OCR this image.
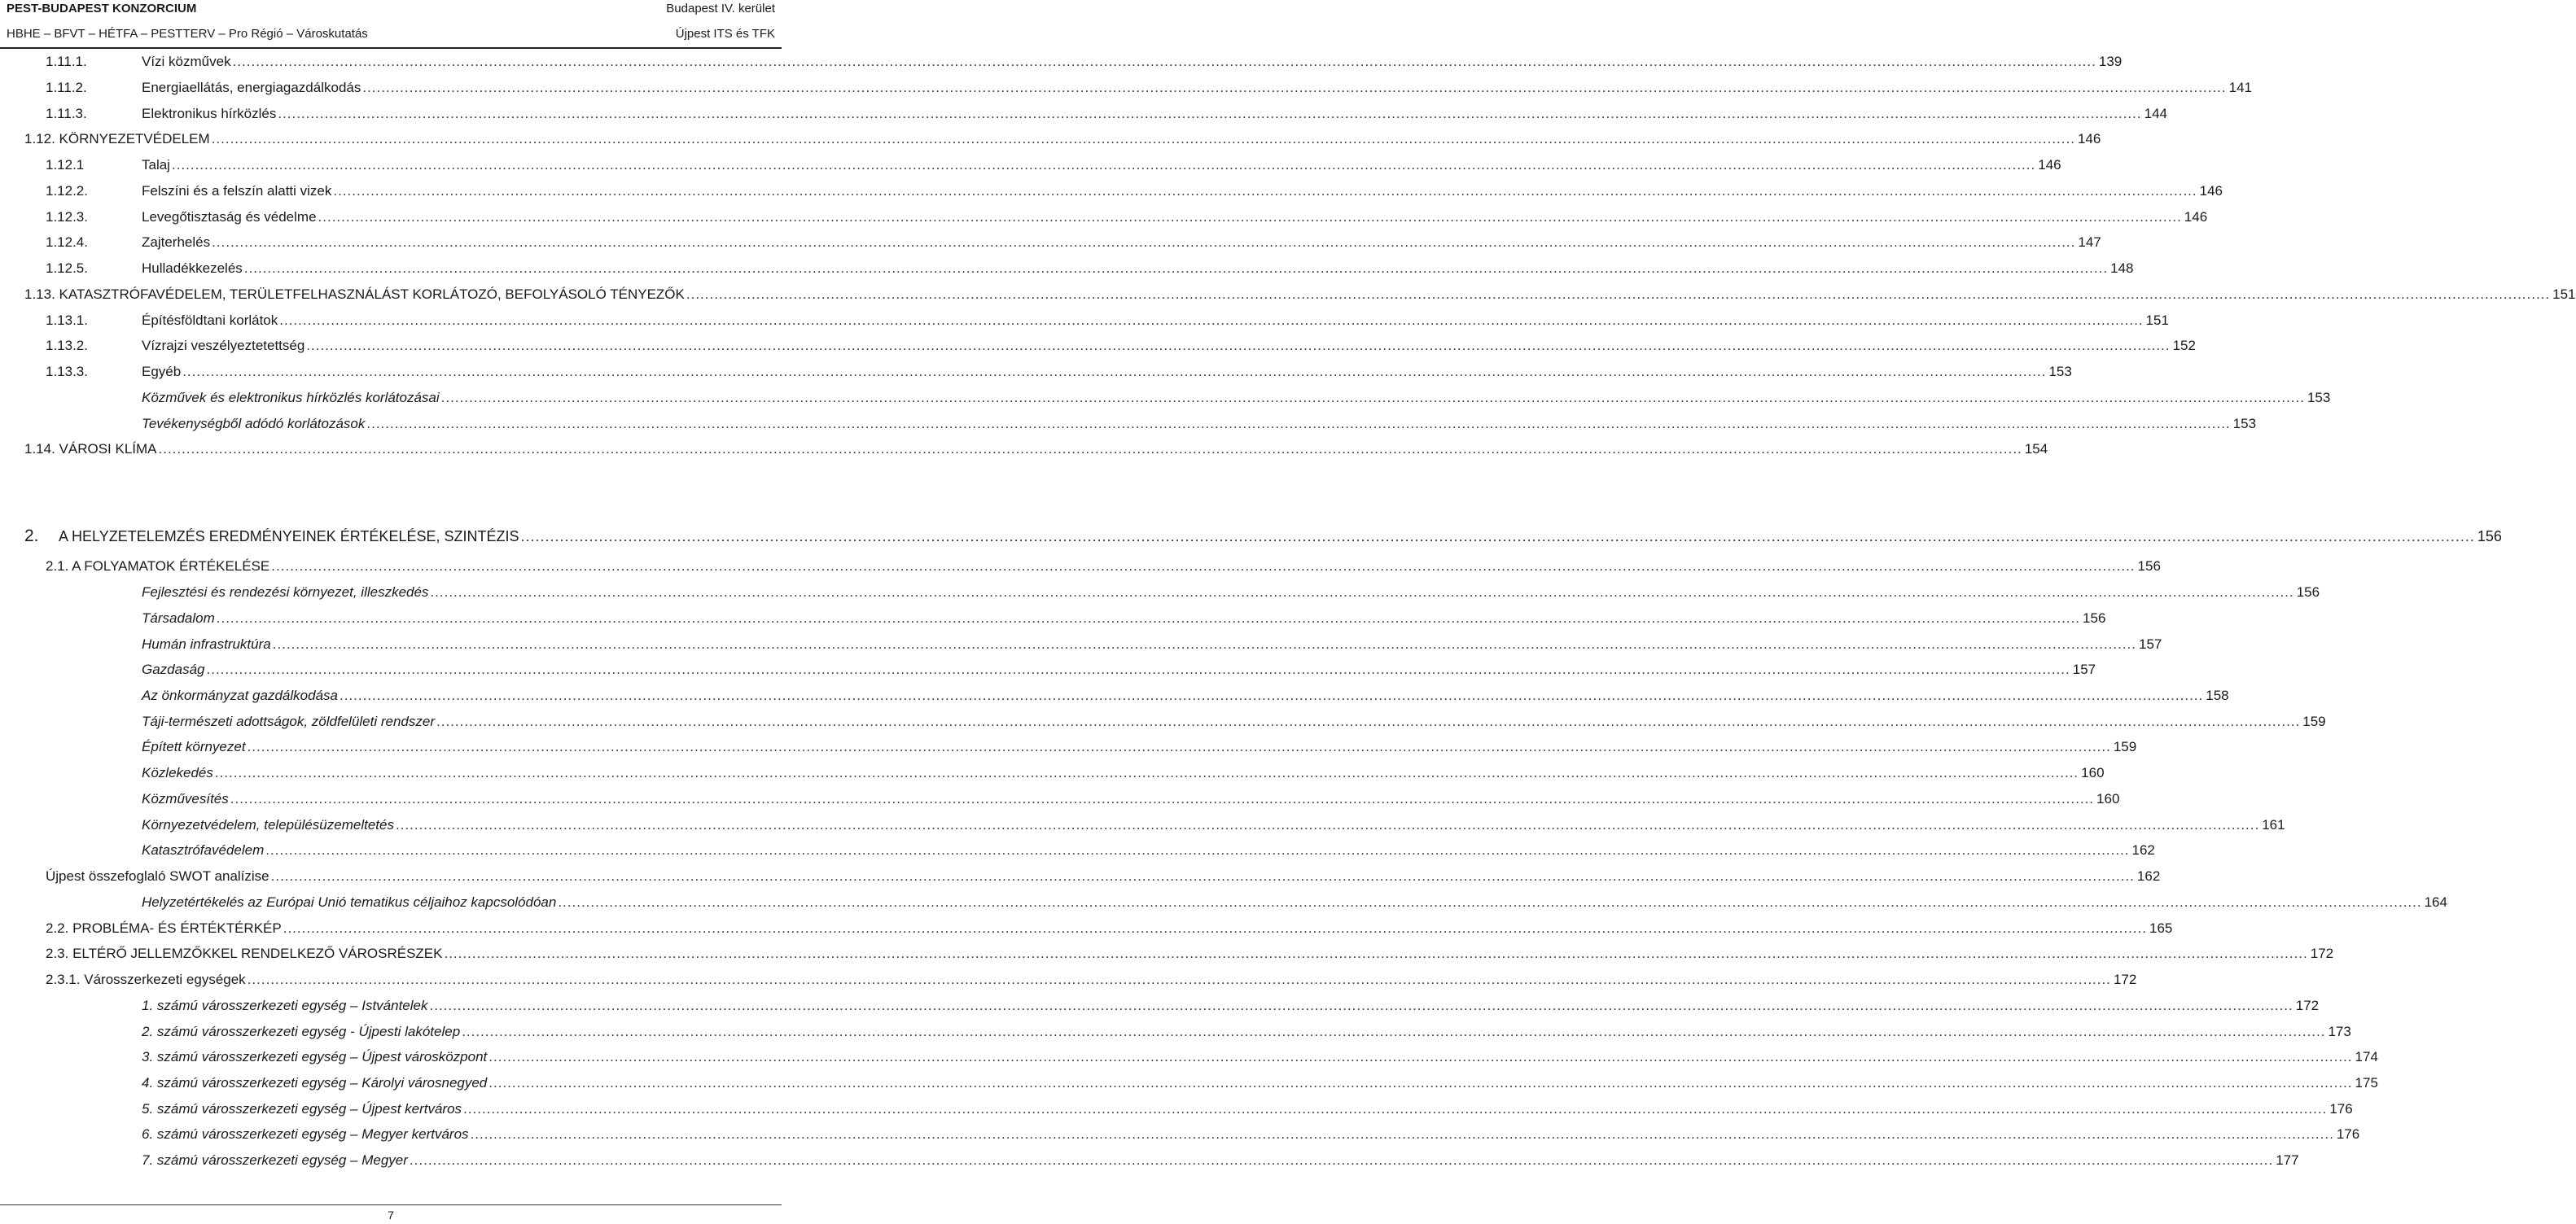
PEST-BUDAPEST KONZORCIUM	Budapest IV. kerület
HBHE – BFVT – HÉTFA – PESTTERV – Pro Régió – Városkutatás	Újpest ITS és TFK
1.11.1.	Vízi közművek ................................................................................................................................................................................................................................................................................................................................................................................................................ 139
1.11.2.	Energiaellátás, energiagazdálkodás ................................................................................................................................................................................................................................................................................................................................................................................................................ 141
1.11.3.	Elektronikus hírközlés ................................................................................................................................................................................................................................................................................................................................................................................................................ 144
1.12. KÖRNYEZETVÉDELEM ................................................................................................................................................................................................................................................................................................................................................................................................................ 146
1.12.1	Talaj ................................................................................................................................................................................................................................................................................................................................................................................................................ 146
1.12.2.	Felszíni és a felszín alatti vizek ................................................................................................................................................................................................................................................................................................................................................................................................................ 146
1.12.3.	Levegőtisztaság és védelme ................................................................................................................................................................................................................................................................................................................................................................................................................ 146
1.12.4.	Zajterhelés ................................................................................................................................................................................................................................................................................................................................................................................................................ 147
1.12.5.	Hulladékkezelés ................................................................................................................................................................................................................................................................................................................................................................................................................ 148
1.13. KATASZTRÓFAVÉDELEM, TERÜLETFELHASZNÁLÁST KORLÁTOZÓ, BEFOLYÁSOLÓ TÉNYEZŐK ................................................................................................................................................................................................................................................................................................................................................................................................................ 151
1.13.1.	Építésföldtani korlátok ................................................................................................................................................................................................................................................................................................................................................................................................................ 151
1.13.2.	Vízrajzi veszélyeztetettség ................................................................................................................................................................................................................................................................................................................................................................................................................ 152
1.13.3.	Egyéb ................................................................................................................................................................................................................................................................................................................................................................................................................ 153
Közművek és elektronikus hírközlés korlátozásai ................................................................................................................................................................................................................................................................................................................................................................................................................ 153
Tevékenységből adódó korlátozások ................................................................................................................................................................................................................................................................................................................................................................................................................ 153
1.14. VÁROSI KLÍMA ................................................................................................................................................................................................................................................................................................................................................................................................................ 154
2. A HELYZETELEMZÉS EREDMÉNYEINEK ÉRTÉKELÉSE, SZINTÉZIS ................................................................................................................................................................................................................................................................................................................................................................................................................ 156
2.1. A FOLYAMATOK ÉRTÉKELÉSE ................................................................................................................................................................................................................................................................................................................................................................................................................ 156
Fejlesztési és rendezési környezet, illeszkedés ................................................................................................................................................................................................................................................................................................................................................................................................................ 156
Társadalom ................................................................................................................................................................................................................................................................................................................................................................................................................ 156
Humán infrastruktúra ................................................................................................................................................................................................................................................................................................................................................................................................................ 157
Gazdaság ................................................................................................................................................................................................................................................................................................................................................................................................................ 157
Az önkormányzat gazdálkodása ................................................................................................................................................................................................................................................................................................................................................................................................................ 158
Táji-természeti adottságok, zöldfelületi rendszer ................................................................................................................................................................................................................................................................................................................................................................................................................ 159
Épített környezet ................................................................................................................................................................................................................................................................................................................................................................................................................ 159
Közlekedés ................................................................................................................................................................................................................................................................................................................................................................................................................ 160
Közművesítés ................................................................................................................................................................................................................................................................................................................................................................................................................ 160
Környezetvédelem, településüzemeltetés ................................................................................................................................................................................................................................................................................................................................................................................................................ 161
Katasztrófavédelem ................................................................................................................................................................................................................................................................................................................................................................................................................ 162
Újpest összefoglaló SWOT analízise ................................................................................................................................................................................................................................................................................................................................................................................................................ 162
Helyzetértékelés az Európai Unió tematikus céljaihoz kapcsolódóan ................................................................................................................................................................................................................................................................................................................................................................................................................ 164
2.2. PROBLÉMA- ÉS ÉRTÉKTÉRKÉP ................................................................................................................................................................................................................................................................................................................................................................................................................ 165
2.3. ELTÉRŐ JELLEMZŐKKEL RENDELKEZŐ VÁROSRÉSZEK ................................................................................................................................................................................................................................................................................................................................................................................................................ 172
2.3.1. Városszerkezeti egységek ................................................................................................................................................................................................................................................................................................................................................................................................................ 172
1. számú városszerkezeti egység – Istvántelek ................................................................................................................................................................................................................................................................................................................................................................................................................ 172
2. számú városszerkezeti egység - Újpesti lakótelep ................................................................................................................................................................................................................................................................................................................................................................................................................ 173
3. számú városszerkezeti egység – Újpest városközpont ................................................................................................................................................................................................................................................................................................................................................................................................................ 174
4. számú városszerkezeti egység – Károlyi városnegyed ................................................................................................................................................................................................................................................................................................................................................................................................................ 175
5. számú városszerkezeti egység – Újpest kertváros ................................................................................................................................................................................................................................................................................................................................................................................................................ 176
6. számú városszerkezeti egység – Megyer kertváros ................................................................................................................................................................................................................................................................................................................................................................................................................ 176
7. számú városszerkezeti egység – Megyer ................................................................................................................................................................................................................................................................................................................................................................................................................ 177
7
